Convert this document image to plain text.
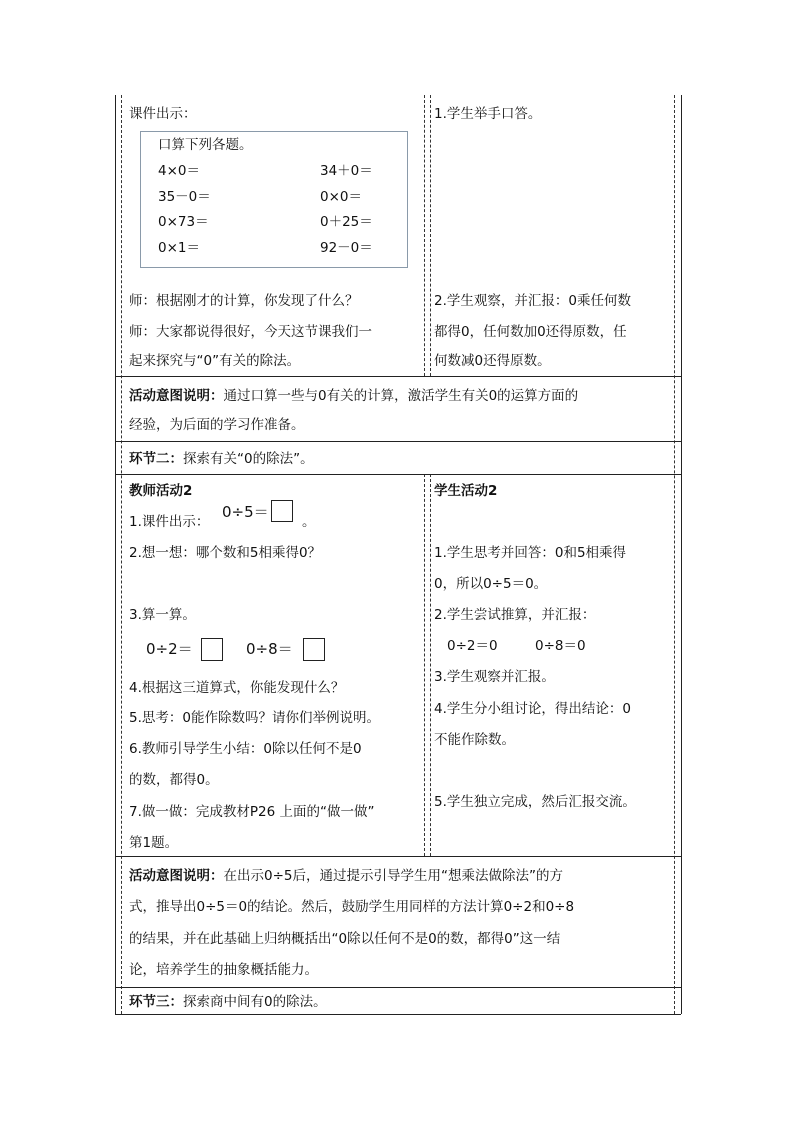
课件出示：
口算下列各题。
4×0＝	34＋0＝
35－0＝	0×0＝
0×73＝	0＋25＝
0×1＝	92－0＝
师：根据刚才的计算，你发现了什么？
师：大家都说得很好，今天这节课我们一
起来探究与“0”有关的除法。
1.学生举手口答。
2.学生观察，并汇报：0乘任何数
都得0，任何数加0还得原数，任
何数减0还得原数。
活动意图说明：通过口算一些与0有关的计算，激活学生有关0的运算方面的
经验，为后面的学习作准备。
环节二：探索有关“0的除法”。
教师活动2
1.课件出示：
0÷5＝
。
2.想一想：哪个数和5相乘得0？
3.算一算。
0÷2＝	0÷8＝
4.根据这三道算式，你能发现什么？
5.思考：0能作除数吗？请你们举例说明。
6.教师引导学生小结：0除以任何不是0
的数，都得0。
7.做一做：完成教材P26 上面的“做一做”
第1题。
学生活动2
1.学生思考并回答：0和5相乘得
0，所以0÷5＝0。
2.学生尝试推算，并汇报：
0÷2＝0	0÷8＝0
3.学生观察并汇报。
4.学生分小组讨论，得出结论：0
不能作除数。
5.学生独立完成，然后汇报交流。
活动意图说明：在出示0÷5后，通过提示引导学生用“想乘法做除法”的方
式，推导出0÷5＝0的结论。然后，鼓励学生用同样的方法计算0÷2和0÷8
的结果，并在此基础上归纳概括出“0除以任何不是0的数，都得0”这一结
论，培养学生的抽象概括能力。
环节三：探索商中间有0的除法。
